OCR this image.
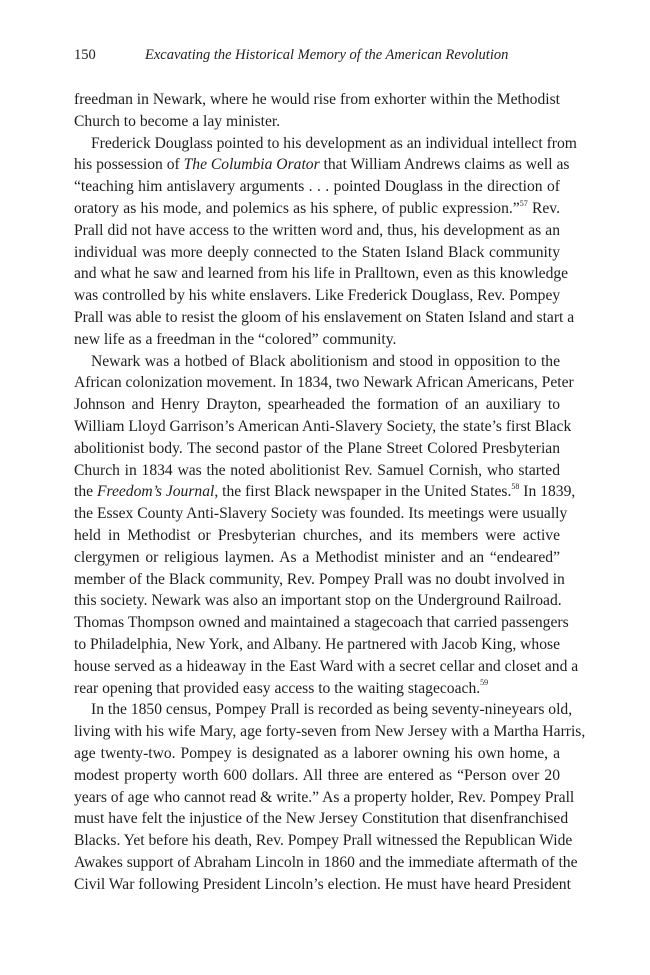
150	Excavating the Historical Memory of the American Revolution
freedman in Newark, where he would rise from exhorter within the Methodist
Church to become a lay minister.
Frederick Douglass pointed to his development as an individual intellect from
his possession of The Columbia Orator that William Andrews claims as well as
“teaching him antislavery arguments . . . pointed Douglass in the direction of
oratory as his mode, and polemics as his sphere, of public expression.”$^{57}$ Rev.
Prall did not have access to the written word and, thus, his development as an
individual was more deeply connected to the Staten Island Black community
and what he saw and learned from his life in Pralltown, even as this knowledge
was controlled by his white enslavers. Like Frederick Douglass, Rev. Pompey
Prall was able to resist the gloom of his enslavement on Staten Island and start a
new life as a freedman in the “colored” community.
Newark was a hotbed of Black abolitionism and stood in opposition to the
African colonization movement. In 1834, two Newark African Americans, Peter
Johnson and Henry Drayton, spearheaded the formation of an auxiliary to
William Lloyd Garrison’s American Anti-Slavery Society, the state’s first Black
abolitionist body. The second pastor of the Plane Street Colored Presbyterian
Church in 1834 was the noted abolitionist Rev. Samuel Cornish, who started
the Freedom’s Journal, the first Black newspaper in the United States.$^{58}$ In 1839,
the Essex County Anti-Slavery Society was founded. Its meetings were usually
held in Methodist or Presbyterian churches, and its members were active
clergymen or religious laymen. As a Methodist minister and an “endeared”
member of the Black community, Rev. Pompey Prall was no doubt involved in
this society. Newark was also an important stop on the Underground Railroad.
Thomas Thompson owned and maintained a stagecoach that carried passengers
to Philadelphia, New York, and Albany. He partnered with Jacob King, whose
house served as a hideaway in the East Ward with a secret cellar and closet and a
rear opening that provided easy access to the waiting stagecoach.$^{59}$
In the 1850 census, Pompey Prall is recorded as being seventy-nineyears old,
living with his wife Mary, age forty-seven from New Jersey with a Martha Harris,
age twenty-two. Pompey is designated as a laborer owning his own home, a
modest property worth 600 dollars. All three are entered as “Person over 20
years of age who cannot read & write.” As a property holder, Rev. Pompey Prall
must have felt the injustice of the New Jersey Constitution that disenfranchised
Blacks. Yet before his death, Rev. Pompey Prall witnessed the Republican Wide
Awakes support of Abraham Lincoln in 1860 and the immediate aftermath of the
Civil War following President Lincoln’s election. He must have heard President
